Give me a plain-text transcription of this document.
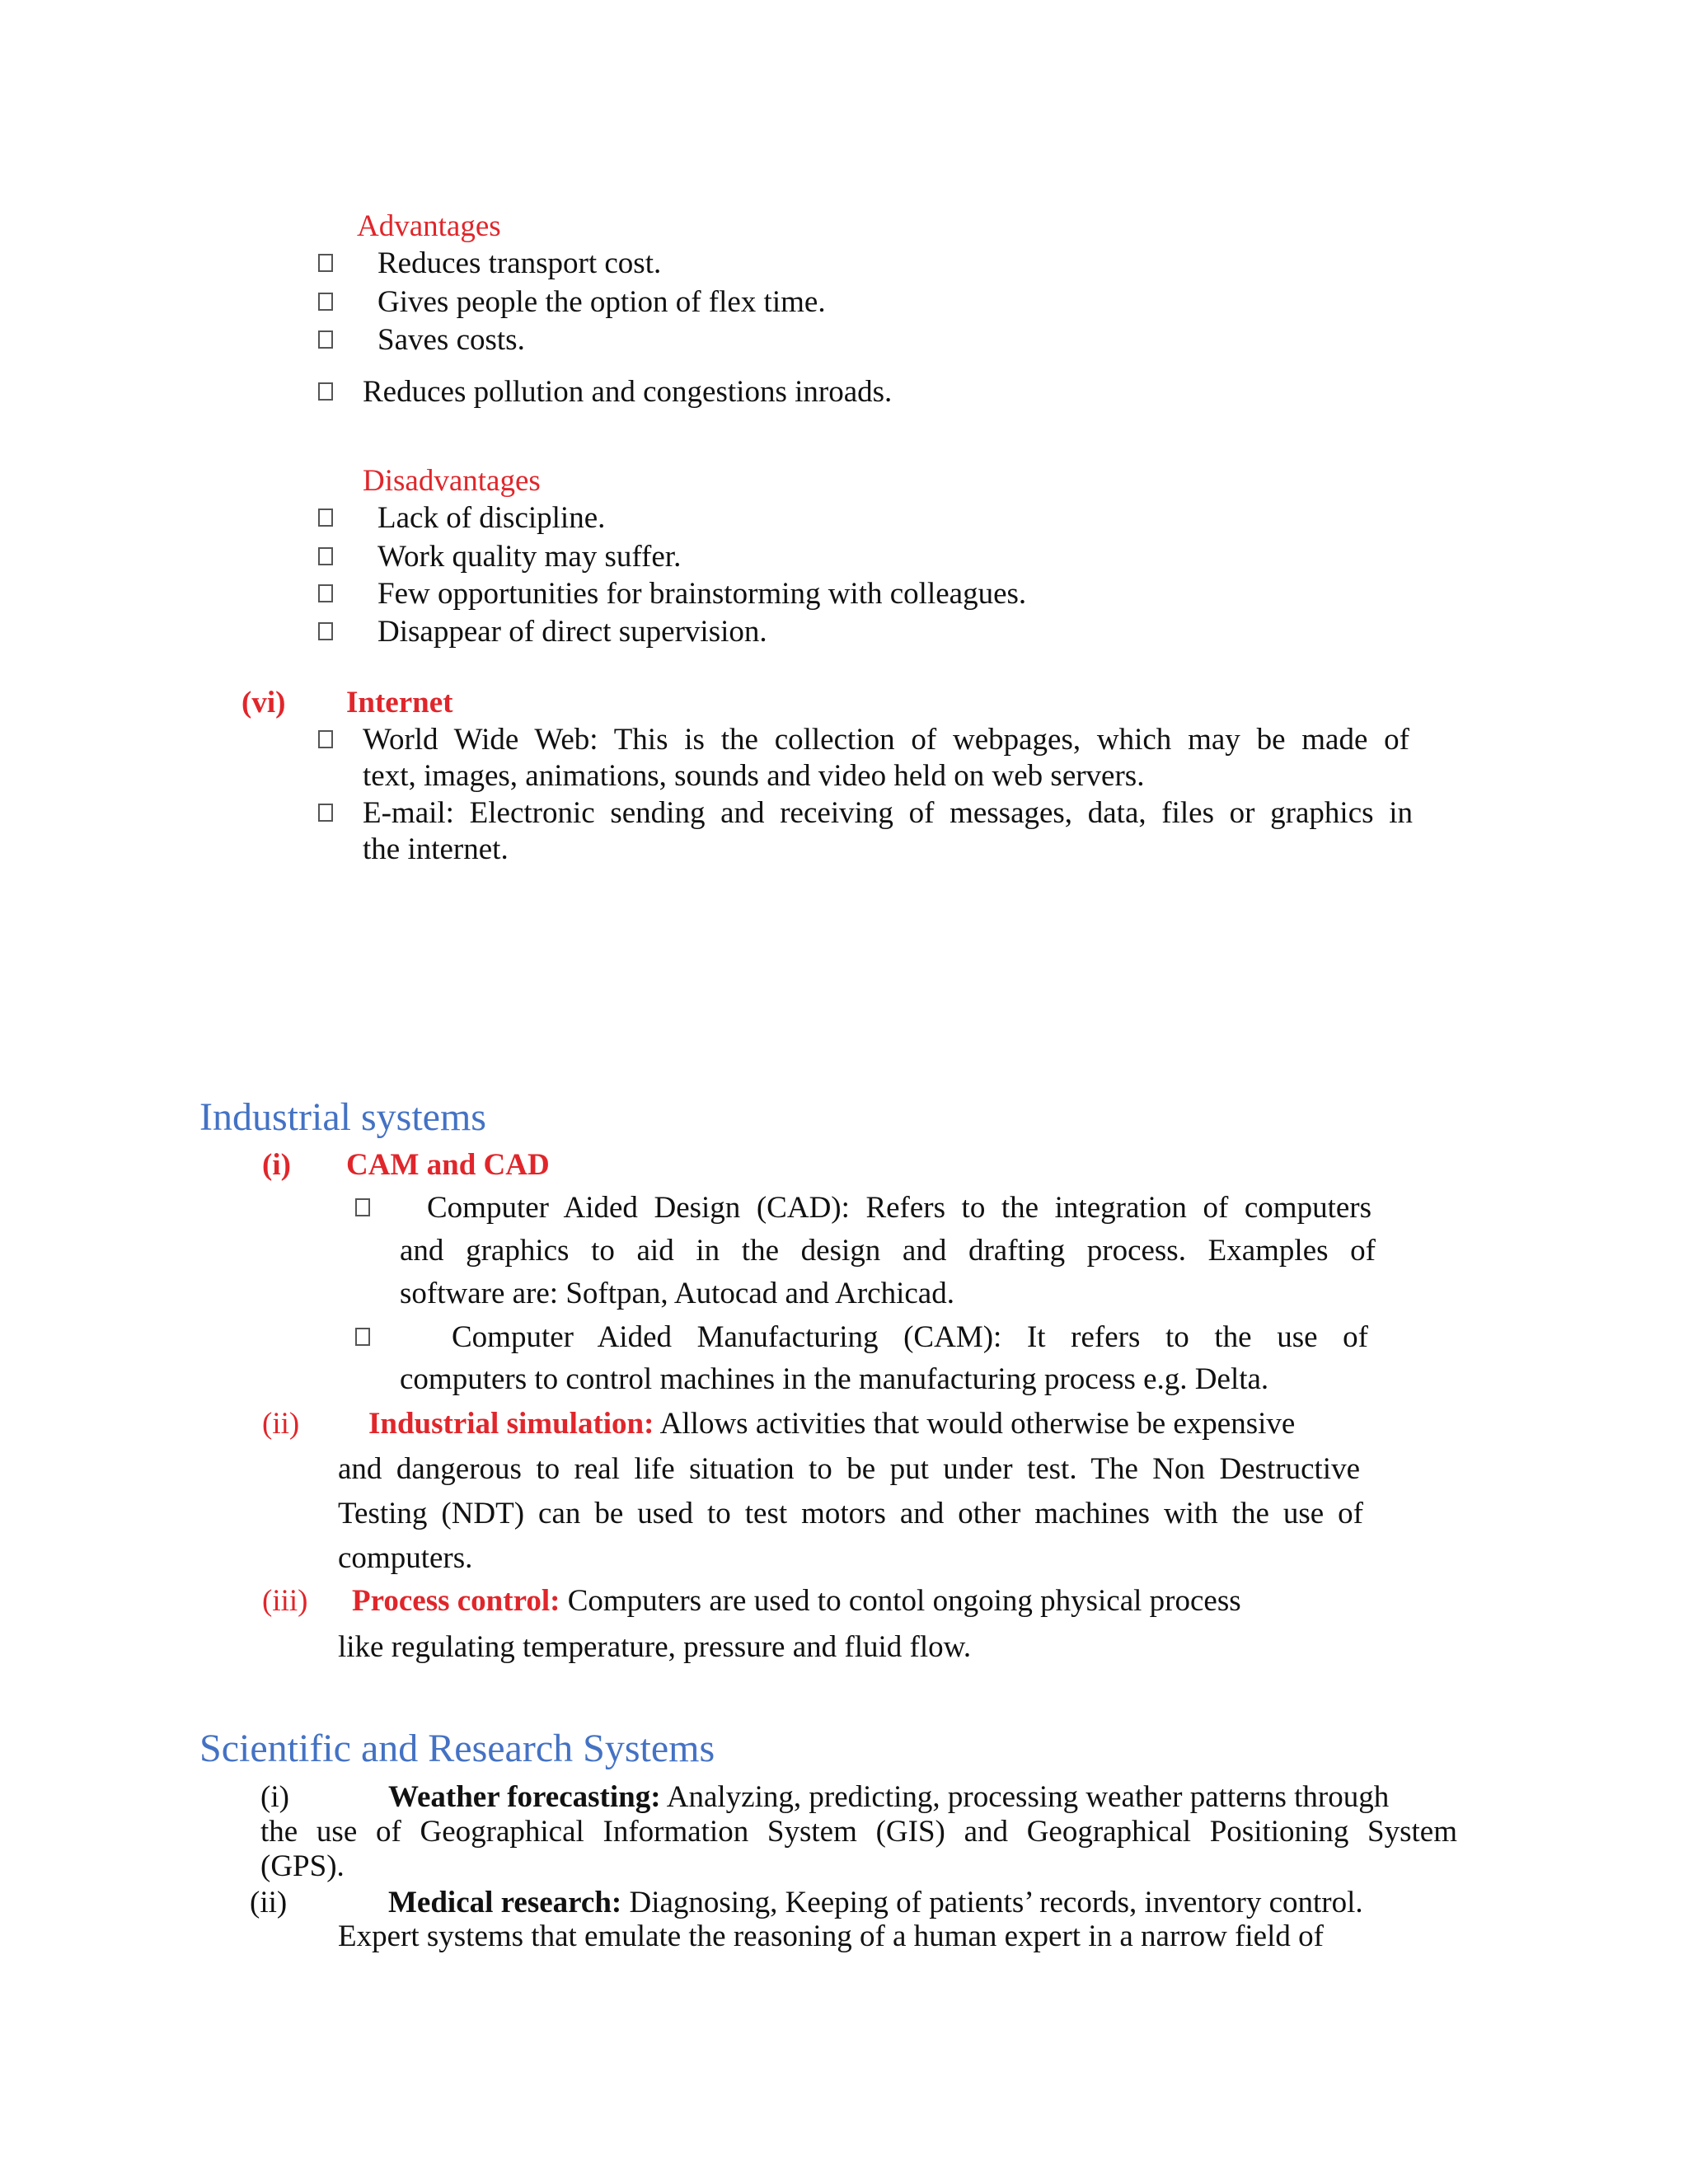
Advantages
Reduces transport cost.
Gives people the option of flex time.
Saves costs.
Reduces pollution and congestions inroads.
Disadvantages
Lack of discipline.
Work quality may suffer.
Few opportunities for brainstorming with colleagues.
Disappear of direct supervision.
(vi) Internet
World Wide Web: This is the collection of webpages, which may be made of
text, images, animations, sounds and video held on web servers.
E-mail: Electronic sending and receiving of messages, data, files or graphics in
the internet.
Industrial systems
(i) CAM and CAD
Computer Aided Design (CAD): Refers to the integration of computers
and graphics to aid in the design and drafting process. Examples of
software are: Softpan, Autocad and Archicad.
Computer Aided Manufacturing (CAM): It refers to the use of
computers to control machines in the manufacturing process e.g. Delta.
(ii) Industrial simulation: Allows activities that would otherwise be expensive
and dangerous to real life situation to be put under test. The Non Destructive
Testing (NDT) can be used to test motors and other machines with the use of
computers.
(iii) Process control: Computers are used to contol ongoing physical process
like regulating temperature, pressure and fluid flow.
Scientific and Research Systems
(i)	Weather forecasting: Analyzing, predicting, processing weather patterns through
the use of Geographical Information System (GIS) and Geographical Positioning System
(GPS).
(ii)	Medical research: Diagnosing, Keeping of patients’ records, inventory control.
Expert systems that emulate the reasoning of a human expert in a narrow field of
